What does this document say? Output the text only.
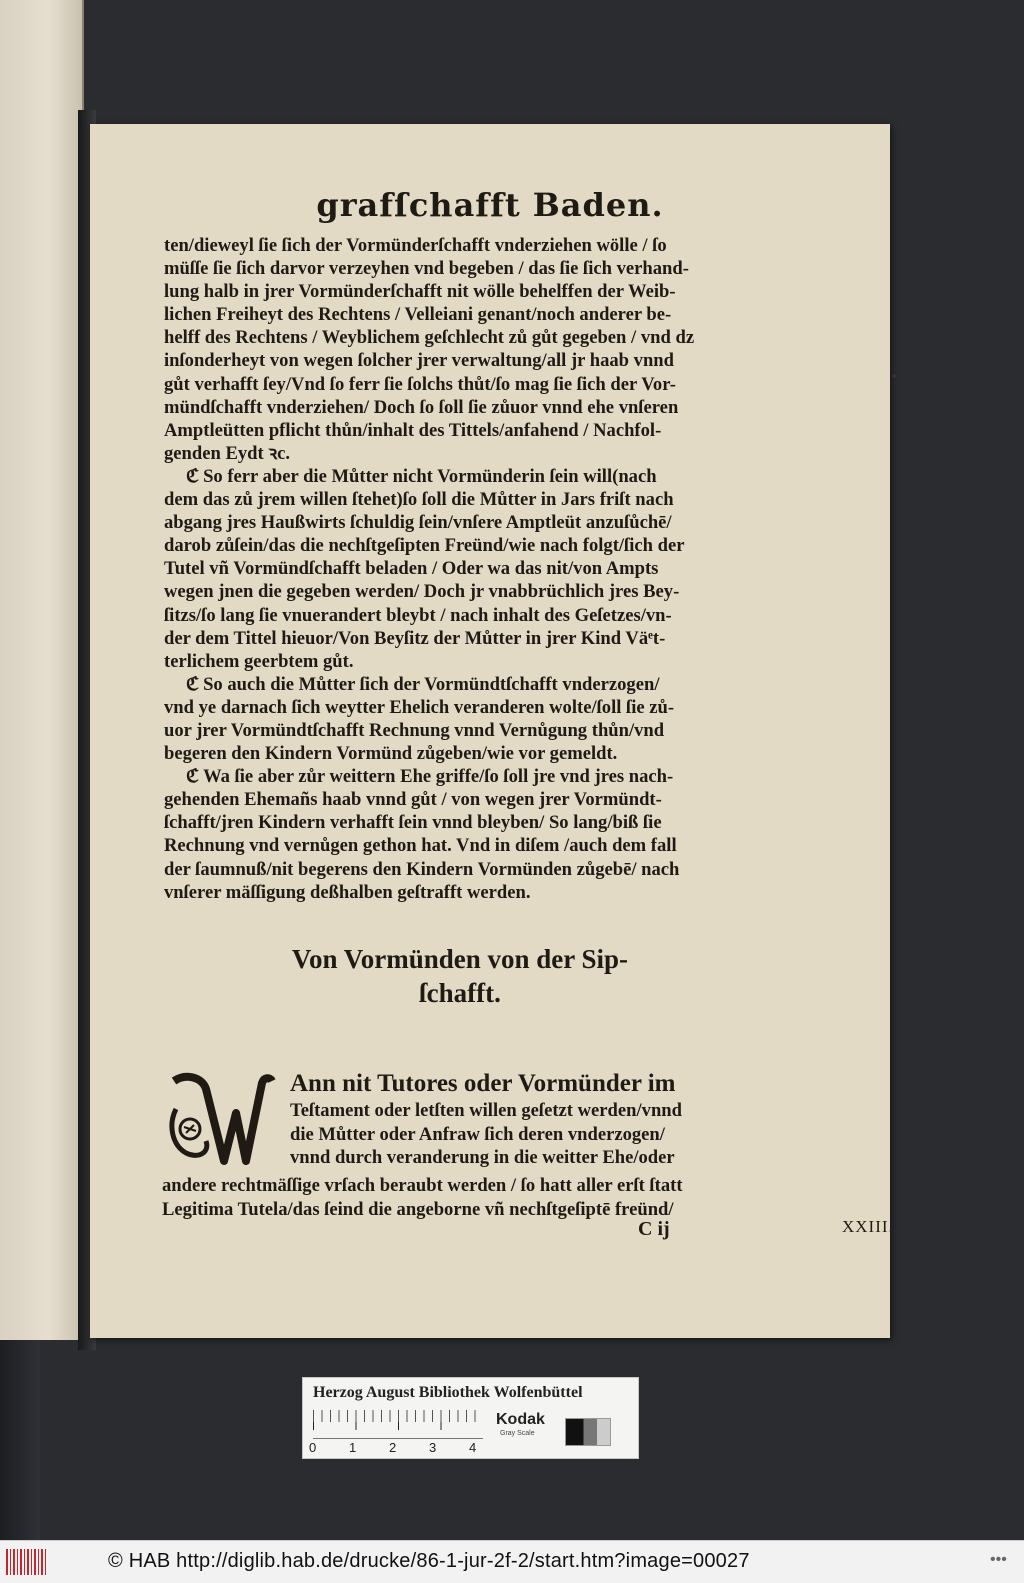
grafſchafft Baden.
ten/dieweyl ſie ſich der Vormünderſchafft vnderziehen wölle / ſo
müſſe ſie ſich darvor verzeyhen vnd begeben / das ſie ſich verhand-
lung halb in jrer Vormünderſchafft nit wölle behelffen der Weib-
lichen Freiheyt des Rechtens / Velleiani genant/noch anderer be-
helff des Rechtens / Weyblichem geſchlecht zů gůt gegeben / vnd dz
inſonderheyt von wegen ſolcher jrer verwaltung/all jr haab vnnd
gůt verhafft ſey/Vnd ſo ferr ſie ſolchs thůt/ſo mag ſie ſich der Vor-
mündſchafft vnderziehen/ Doch ſo ſoll ſie zůuor vnnd ehe vnſeren
Amptleütten pflicht thůn/inhalt des Tittels/anfahend / Nachfol-
genden Eydt ꝛc.
ℭ So ferr aber die Můtter nicht Vormünderin ſein will(nach
dem das zů jrem willen ſtehet)ſo ſoll die Můtter in Jars friſt nach
abgang jres Haußwirts ſchuldig ſein/vnſere Amptleüt anzuſůchē/
darob zůſein/das die nechſtgeſipten Freünd/wie nach folgt/ſich der
Tutel vñ Vormündſchafft beladen / Oder wa das nit/von Ampts
wegen jnen die gegeben werden/ Doch jr vnabbrüchlich jres Bey-
ſitzs/ſo lang ſie vnuerandert bleybt / nach inhalt des Geſetzes/vn-
der dem Tittel hieuor/Von Beyſitz der Můtter in jrer Kind Väͤt-
terlichem geerbtem gůt.
ℭ So auch die Můtter ſich der Vormündtſchafft vnderzogen/
vnd ye darnach ſich weytter Ehelich veranderen wolte/ſoll ſie zů-
uor jrer Vormündtſchafft Rechnung vnnd Vernůgung thůn/vnd
begeren den Kindern Vormünd zůgeben/wie vor gemeldt.
ℭ Wa ſie aber zůr weittern Ehe griffe/ſo ſoll jre vnd jres nach-
gehenden Ehemañs haab vnnd gůt / von wegen jrer Vormündt-
ſchafft/jren Kindern verhafft ſein vnnd bleyben/ So lang/biß ſie
Rechnung vnd vernůgen gethon hat. Vnd in diſem /auch dem fall
der ſaumnuß/nit begerens den Kindern Vormünden zůgebē/ nach
vnſerer mäſſigung deßhalben geſtrafft werden.
Von Vormünden von der Sip-
ſchafft.
Ann nit Tutores oder Vormünder im
Teſtament oder letſten willen geſetzt werden/vnnd
die Můtter oder Anfraw ſich deren vnderzogen/
vnnd durch veranderung in die weitter Ehe/oder
andere rechtmäſſige vrſach beraubt werden / ſo hatt aller erſt ſtatt
Legitima Tutela/das ſeind die angeborne vñ nechſtgeſiptē freünd/
C ij	XXIII.
Herzog August Bibliothek Wolfenbüttel
0	1	2	3	4
Kodak
Gray Scale
© HAB http://diglib.hab.de/drucke/86-1-jur-2f-2/start.htm?image=00027	•••
